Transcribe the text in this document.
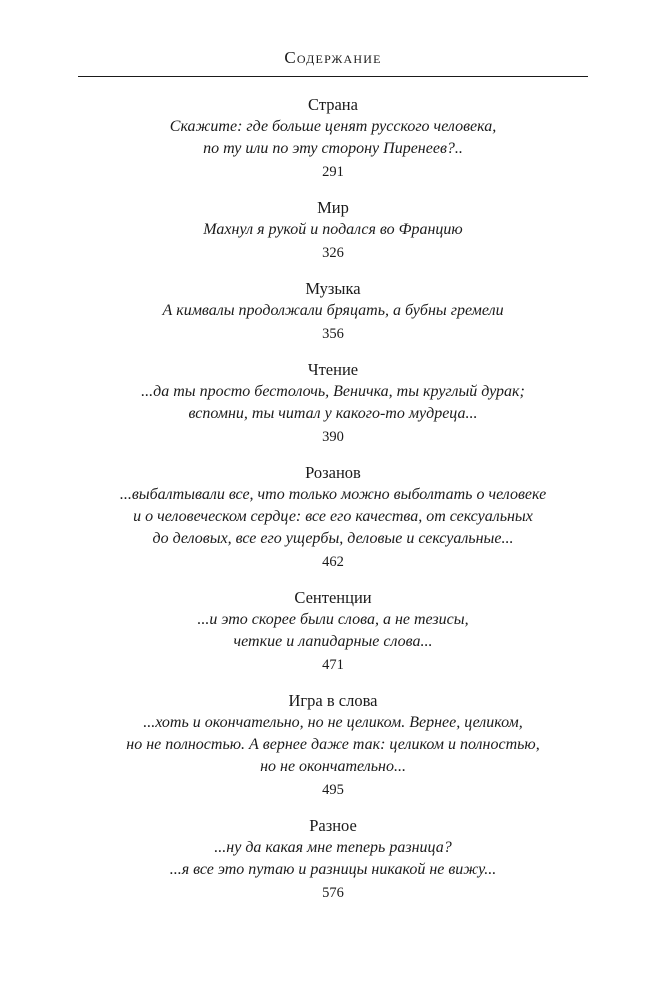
Содержание
Страна
Скажите: где больше ценят русского человека,
по ту или по эту сторону Пиренеев?..
291
Мир
Махнул я рукой и подался во Францию
326
Музыка
А кимвалы продолжали бряцать, а бубны гремели
356
Чтение
...да ты просто бестолочь, Веничка, ты круглый дурак;
вспомни, ты читал у какого-то мудреца...
390
Розанов
...выбалтывали все, что только можно выболтать о человеке
и о человеческом сердце: все его качества, от сексуальных
до деловых, все его ущербы, деловые и сексуальные...
462
Сентенции
...и это скорее были слова, а не тезисы,
четкие и лапидарные слова...
471
Игра в слова
...хоть и окончательно, но не целиком. Вернее, целиком,
но не полностью. А вернее даже так: целиком и полностью,
но не окончательно...
495
Разное
...ну да какая мне теперь разница?
...я все это путаю и разницы никакой не вижу...
576
